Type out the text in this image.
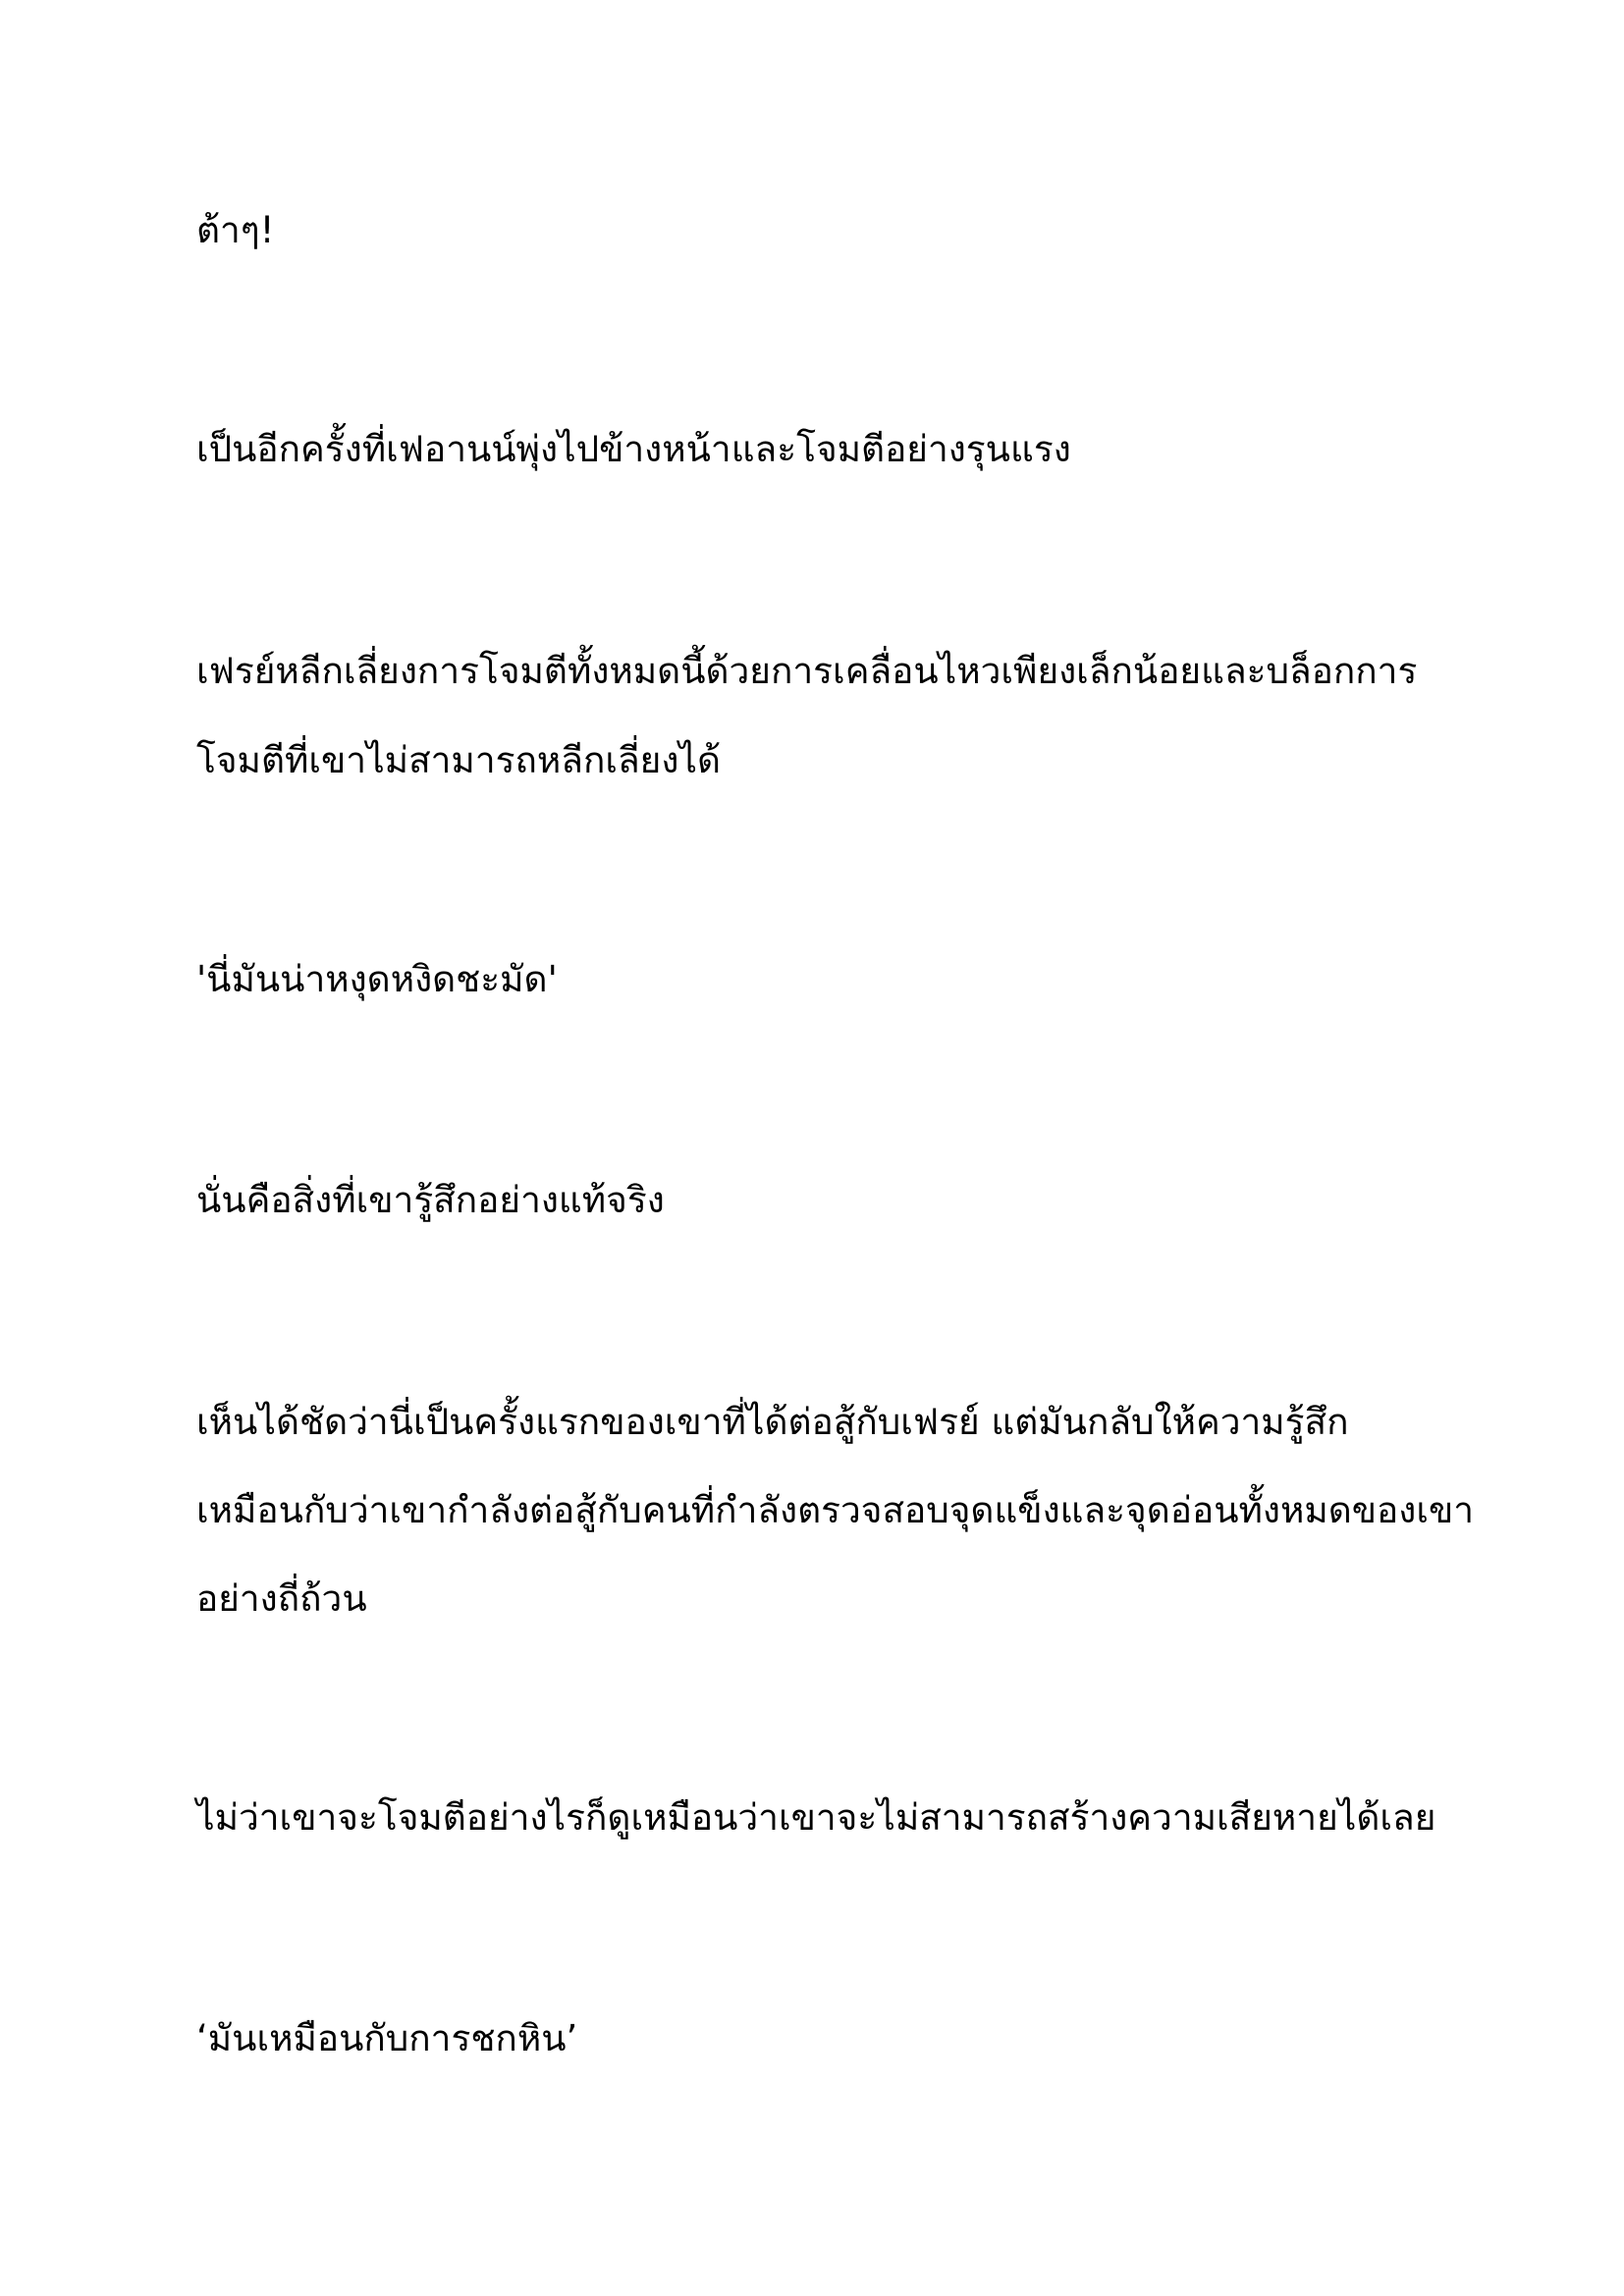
ต้าๆ!

เป็นอีกครั้งที่เฟอานน์พุ่งไปข้างหน้าและโจมตีอย่างรุนแรง

เฟรย์หลีกเลี่ยงการโจมตีทั้งหมดนี้ด้วยการเคลื่อนไหวเพียงเล็กน้อยและบล็อกการ

โจมตีที่เขาไม่สามารถหลีกเลี่ยงได้

'นี่มันน่าหงุดหงิดชะมัด'

นั่นคือสิ่งที่เขารู้สึกอย่างแท้จริง

เห็นได้ชัดว่านี่เป็นครั้งแรกของเขาที่ได้ต่อสู้กับเฟรย์ แต่มันกลับให้ความรู้สึก

เหมือนกับว่าเขากำลังต่อสู้กับคนที่กำลังตรวจสอบจุดแข็งและจุดอ่อนทั้งหมดของเขา

อย่างถี่ถ้วน

ไม่ว่าเขาจะโจมตีอย่างไรก็ดูเหมือนว่าเขาจะไม่สามารถสร้างความเสียหายได้เลย

‘มันเหมือนกับการชกหิน’
